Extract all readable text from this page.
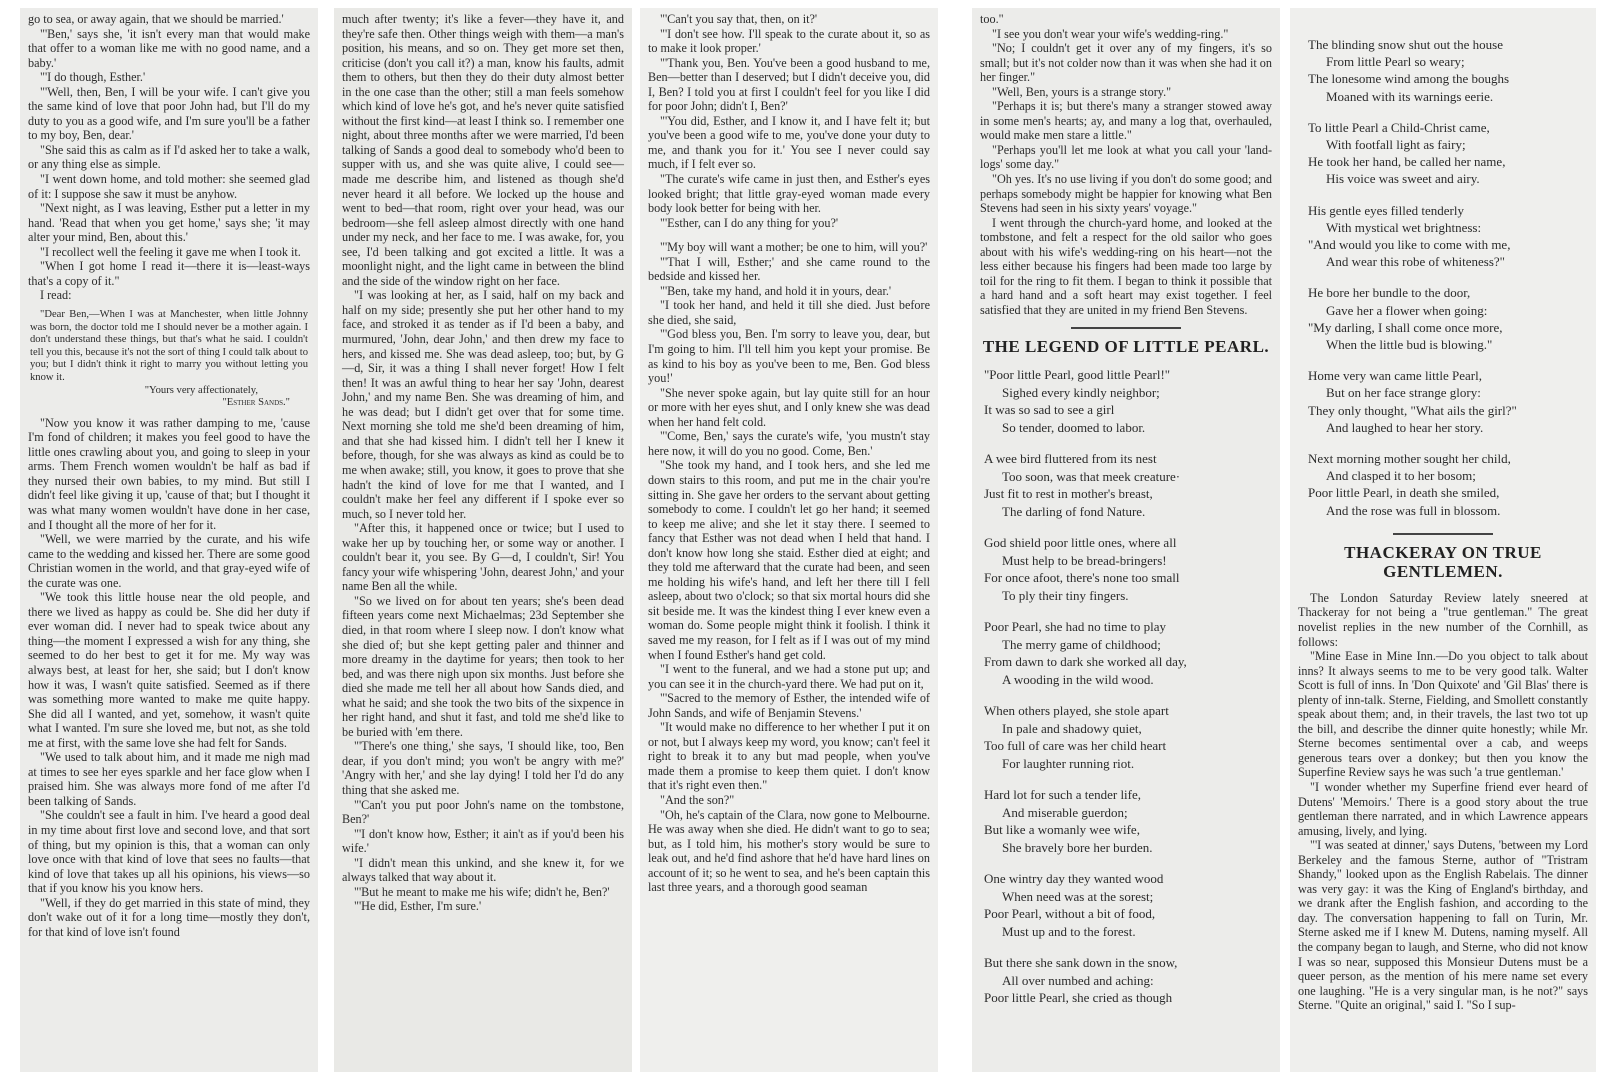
go to sea, or away again, that we should be married.'

"'Ben,' says she, 'it isn't every man that would make that offer to a woman like me with no good name, and a baby.'

"'I do though, Esther.'

"'Well, then, Ben, I will be your wife. I can't give you the same kind of love that poor John had, but I'll do my duty to you as a good wife, and I'm sure you'll be a father to my boy, Ben, dear.'

"She said this as calm as if I'd asked her to take a walk, or any thing else as simple.

"I went down home, and told mother: she seemed glad of it: I suppose she saw it must be anyhow.

"Next night, as I was leaving, Esther put a letter in my hand. 'Read that when you get home,' says she; 'it may alter your mind, Ben, about this.'

"I recollect well the feeling it gave me when I took it.

"When I got home I read it—there it is—least-ways that's a copy of it."

I read:

"Dear Ben,—When I was at Manchester, when little Johnny was born, the doctor told me I should never be a mother again. I don't understand these things, but that's what he said. I couldn't tell you this, because it's not the sort of thing I could talk about to you; but I didn't think it right to marry you without letting you know it.

"Yours very affectionately,
"Esther Sands."

"Now you know it was rather damping to me, 'cause I'm fond of children; it makes you feel good to have the little ones crawling about you, and going to sleep in your arms. Them French women wouldn't be half as bad if they nursed their own babies, to my mind. But still I didn't feel like giving it up, 'cause of that; but I thought it was what many women wouldn't have done in her case, and I thought all the more of her for it.

"Well, we were married by the curate, and his wife came to the wedding and kissed her. There are some good Christian women in the world, and that gray-eyed wife of the curate was one.

"We took this little house near the old people, and there we lived as happy as could be. She did her duty if ever woman did. I never had to speak twice about any thing—the moment I expressed a wish for any thing, she seemed to do her best to get it for me. My way was always best, at least for her, she said; but I don't know how it was, I wasn't quite satisfied. Seemed as if there was something more wanted to make me quite happy. She did all I wanted, and yet, somehow, it wasn't quite what I wanted. I'm sure she loved me, but not, as she told me at first, with the same love she had felt for Sands.

"We used to talk about him, and it made me nigh mad at times to see her eyes sparkle and her face glow when I praised him. She was always more fond of me after I'd been talking of Sands.

"She couldn't see a fault in him. I've heard a good deal in my time about first love and second love, and that sort of thing, but my opinion is this, that a woman can only love once with that kind of love that sees no faults—that kind of love that takes up all his opinions, his views—so that if you know his you know hers.

"Well, if they do get married in this state of mind, they don't wake out of it for a long time—mostly they don't, for that kind of love isn't found

much after twenty; it's like a fever—they have it, and they're safe then. Other things weigh with them—a man's position, his means, and so on. They get more set then, criticise (don't you call it?) a man, know his faults, admit them to others, but then they do their duty almost better in the one case than the other; still a man feels somehow which kind of love he's got, and he's never quite satisfied without the first kind—at least I think so. I remember one night, about three months after we were married, I'd been talking of Sands a good deal to somebody who'd been to supper with us, and she was quite alive, I could see—made me describe him, and listened as though she'd never heard it all before. We locked up the house and went to bed—that room, right over your head, was our bedroom—she fell asleep almost directly with one hand under my neck, and her face to me. I was awake, for, you see, I'd been talking and got excited a little. It was a moonlight night, and the light came in between the blind and the side of the window right on her face.

"I was looking at her, as I said, half on my back and half on my side; presently she put her other hand to my face, and stroked it as tender as if I'd been a baby, and murmured, 'John, dear John,' and then drew my face to hers, and kissed me. She was dead asleep, too; but, by G—d, Sir, it was a thing I shall never forget! How I felt then! It was an awful thing to hear her say 'John, dearest John,' and my name Ben. She was dreaming of him, and he was dead; but I didn't get over that for some time. Next morning she told me she'd been dreaming of him, and that she had kissed him. I didn't tell her I knew it before, though, for she was always as kind as could be to me when awake; still, you know, it goes to prove that she hadn't the kind of love for me that I wanted, and I couldn't make her feel any different if I spoke ever so much, so I never told her.

"After this, it happened once or twice; but I used to wake her up by touching her, or some way or another. I couldn't bear it, you see. By G—d, I couldn't, Sir! You fancy your wife whispering 'John, dearest John,' and your name Ben all the while.

"So we lived on for about ten years; she's been dead fifteen years come next Michaelmas; 23d September she died, in that room where I sleep now. I don't know what she died of; but she kept getting paler and thinner and more dreamy in the daytime for years; then took to her bed, and was there nigh upon six months. Just before she died she made me tell her all about how Sands died, and what he said; and she took the two bits of the sixpence in her right hand, and shut it fast, and told me she'd like to be buried with 'em there.

"'There's one thing,' she says, 'I should like, too, Ben dear, if you don't mind; you won't be angry with me?' 'Angry with her,' and she lay dying! I told her I'd do any thing that she asked me.

"'Can't you put poor John's name on the tombstone, Ben?'

"'I don't know how, Esther; it ain't as if you'd been his wife.'

"I didn't mean this unkind, and she knew it, for we always talked that way about it.

"'But he meant to make me his wife; didn't he, Ben?'

"'He did, Esther, I'm sure.'

"'Can't you say that, then, on it?'

"'I don't see how. I'll speak to the curate about it, so as to make it look proper.'

"'Thank you, Ben. You've been a good husband to me, Ben—better than I deserved; but I didn't deceive you, did I, Ben? I told you at first I couldn't feel for you like I did for poor John; didn't I, Ben?'

"'You did, Esther, and I know it, and I have felt it; but you've been a good wife to me, you've done your duty to me, and thank you for it.' You see I never could say much, if I felt ever so.

"The curate's wife came in just then, and Esther's eyes looked bright; that little gray-eyed woman made every body look better for being with her.

"'Esther, can I do any thing for you?'

"'My boy will want a mother; be one to him, will you?'

"'That I will, Esther;' and she came round to the bedside and kissed her.

"'Ben, take my hand, and hold it in yours, dear.'

"I took her hand, and held it till she died. Just before she died, she said,

"'God bless you, Ben. I'm sorry to leave you, dear, but I'm going to him. I'll tell him you kept your promise. Be as kind to his boy as you've been to me, Ben. God bless you!'

"She never spoke again, but lay quite still for an hour or more with her eyes shut, and I only knew she was dead when her hand felt cold.

"'Come, Ben,' says the curate's wife, 'you mustn't stay here now, it will do you no good. Come, Ben.'

"She took my hand, and I took hers, and she led me down stairs to this room, and put me in the chair you're sitting in. She gave her orders to the servant about getting somebody to come. I couldn't let go her hand; it seemed to keep me alive; and she let it stay there. I seemed to fancy that Esther was not dead when I held that hand. I don't know how long she staid. Esther died at eight; and they told me afterward that the curate had been, and seen me holding his wife's hand, and left her there till I fell asleep, about two o'clock; so that six mortal hours did she sit beside me. It was the kindest thing I ever knew even a woman do. Some people might think it foolish. I think it saved me my reason, for I felt as if I was out of my mind when I found Esther's hand get cold.

"I went to the funeral, and we had a stone put up; and you can see it in the church-yard there. We had put on it,

"'Sacred to the memory of Esther, the intended wife of John Sands, and wife of Benjamin Stevens.'

"It would make no difference to her whether I put it on or not, but I always keep my word, you know; can't feel it right to break it to any but mad people, when you've made them a promise to keep them quiet. I don't know that it's right even then."

"And the son?"

"Oh, he's captain of the Clara, now gone to Melbourne. He was away when she died. He didn't want to go to sea; but, as I told him, his mother's story would be sure to leak out, and he'd find ashore that he'd have hard lines on account of it; so he went to sea, and he's been captain this last three years, and a thorough good seaman

too."

"I see you don't wear your wife's wedding-ring."

"No; I couldn't get it over any of my fingers, it's so small; but it's not colder now than it was when she had it on her finger."

"Well, Ben, yours is a strange story."

"Perhaps it is; but there's many a stranger stowed away in some men's hearts; ay, and many a log that, overhauled, would make men stare a little."

"Perhaps you'll let me look at what you call your 'land-logs' some day."

"Oh yes. It's no use living if you don't do some good; and perhaps somebody might be happier for knowing what Ben Stevens had seen in his sixty years' voyage."

I went through the church-yard home, and looked at the tombstone, and felt a respect for the old sailor who goes about with his wife's wedding-ring on his heart—not the less either because his fingers had been made too large by toil for the ring to fit them. I began to think it possible that a hard hand and a soft heart may exist together. I feel satisfied that they are united in my friend Ben Stevens.

THE LEGEND OF LITTLE PEARL.
"Poor little Pearl, good little Pearl!"
Sighed every kindly neighbor;
It was so sad to see a girl
So tender, doomed to labor.
A wee bird fluttered from its nest
Too soon, was that meek creature·
Just fit to rest in mother's breast,
The darling of fond Nature.
God shield poor little ones, where all
Must help to be bread-bringers!
For once afoot, there's none too small
To ply their tiny fingers.
Poor Pearl, she had no time to play
The merry game of childhood;
From dawn to dark she worked all day,
A wooding in the wild wood.
When others played, she stole apart
In pale and shadowy quiet,
Too full of care was her child heart
For laughter running riot.
Hard lot for such a tender life,
And miserable guerdon;
But like a womanly wee wife,
She bravely bore her burden.
One wintry day they wanted wood
When need was at the sorest;
Poor Pearl, without a bit of food,
Must up and to the forest.
But there she sank down in the snow,
All over numbed and aching:
Poor little Pearl, she cried as though
The blinding snow shut out the house
From little Pearl so weary;
The lonesome wind among the boughs
Moaned with its warnings eerie.
To little Pearl a Child-Christ came,
With footfall light as fairy;
He took her hand, be called her name,
His voice was sweet and airy.
His gentle eyes filled tenderly
With mystical wet brightness:
"And would you like to come with me,
And wear this robe of whiteness?"
He bore her bundle to the door,
Gave her a flower when going:
"My darling, I shall come once more,
When the little bud is blowing."
Home very wan came little Pearl,
But on her face strange glory:
They only thought, "What ails the girl?"
And laughed to hear her story.
Next morning mother sought her child,
And clasped it to her bosom;
Poor little Pearl, in death she smiled,
And the rose was full in blossom.
THACKERAY ON TRUE GENTLEMEN.

The London Saturday Review lately sneered at Thackeray for not being a "true gentleman." The great novelist replies in the new number of the Cornhill, as follows:

"Mine Ease in Mine Inn.—Do you object to talk about inns? It always seems to me to be very good talk. Walter Scott is full of inns. In 'Don Quixote' and 'Gil Blas' there is plenty of inn-talk. Sterne, Fielding, and Smollett constantly speak about them; and, in their travels, the last two tot up the bill, and describe the dinner quite honestly; while Mr. Sterne becomes sentimental over a cab, and weeps generous tears over a donkey; but then you know the Superfine Review says he was such 'a true gentleman.'

"I wonder whether my Superfine friend ever heard of Dutens' 'Memoirs.' There is a good story about the true gentleman there narrated, and in which Lawrence appears amusing, lively, and lying.

"'I was seated at dinner,' says Dutens, 'between my Lord Berkeley and the famous Sterne, author of "Tristram Shandy," looked upon as the English Rabelais. The dinner was very gay: it was the King of England's birthday, and we drank after the English fashion, and according to the day. The conversation happening to fall on Turin, Mr. Sterne asked me if I knew M. Dutens, naming myself. All the company began to laugh, and Sterne, who did not know I was so near, supposed this Monsieur Dutens must be a queer person, as the mention of his mere name set every one laughing. "He is a very singular man, is he not?" says Sterne. "Quite an original," said I. "So I sup-
